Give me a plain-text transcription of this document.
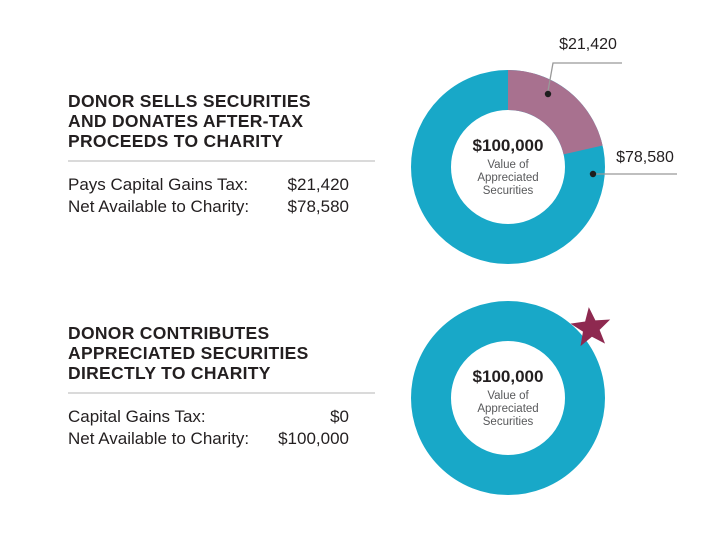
DONOR SELLS SECURITIES
AND DONATES AFTER-TAX
PROCEEDS TO CHARITY
Pays Capital Gains Tax: $21,420
Net Available to Charity: $78,580
DONOR CONTRIBUTES
APPRECIATED SECURITIES
DIRECTLY TO CHARITY
Capital Gains Tax:	$0
Net Available to Charity: $100,000
$100,000
Value of
Appreciated
Securities
$100,000
Value of
Appreciated
Securities
$21,420
$78,580
